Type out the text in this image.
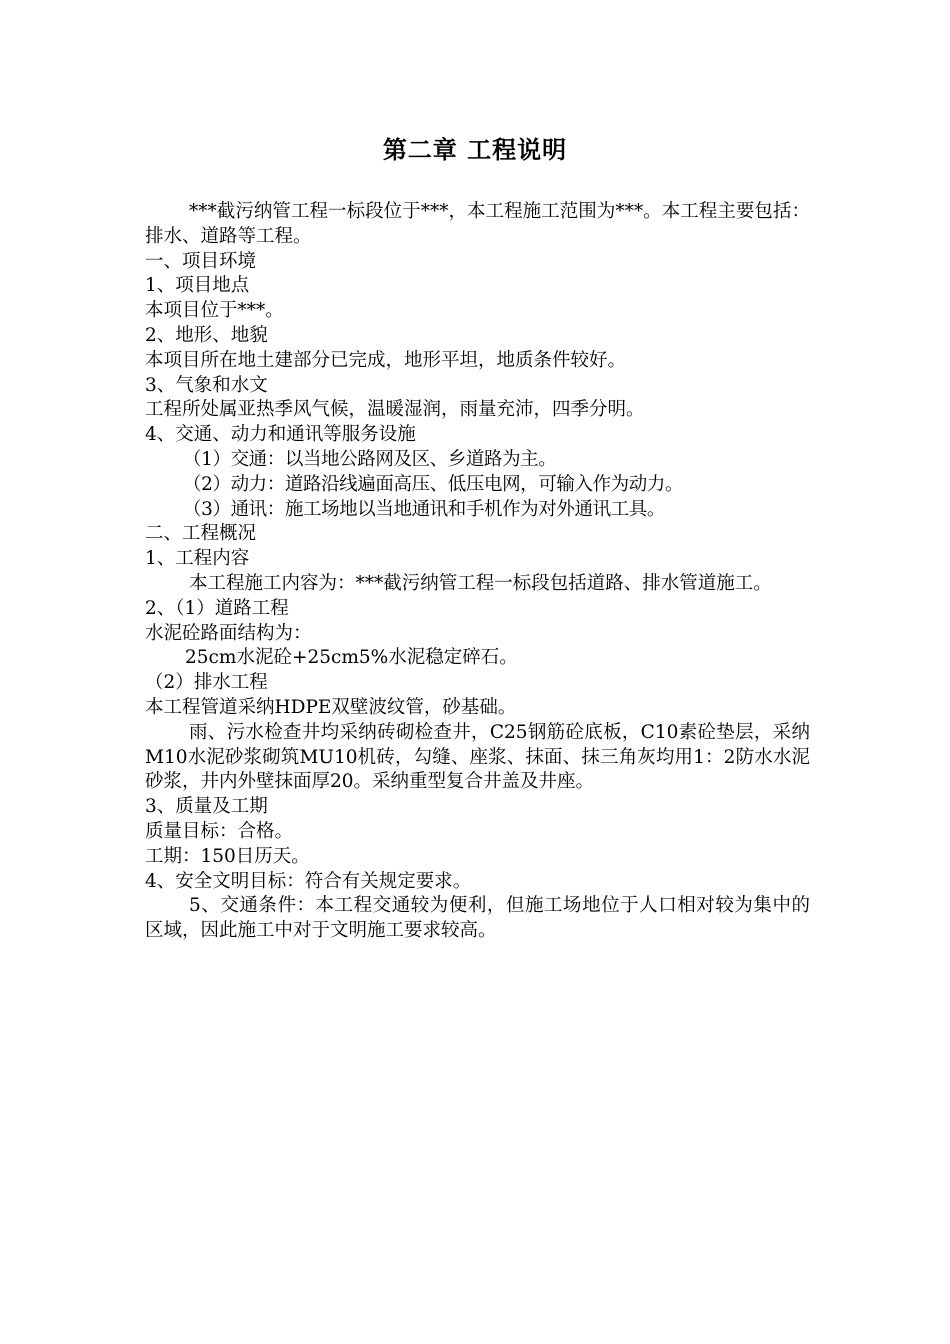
第二章 工程说明

***截污纳管工程一标段位于***，本工程施工范围为***。本工程主要包括：排水、道路等工程。

一、项目环境

1、项目地点

本项目位于***。

2、地形、地貌

本项目所在地土建部分已完成，地形平坦，地质条件较好。

3、气象和水文

工程所处属亚热季风气候，温暖湿润，雨量充沛，四季分明。

4、交通、动力和通讯等服务设施

（1）交通：以当地公路网及区、乡道路为主。

（2）动力：道路沿线遍面高压、低压电网，可输入作为动力。

（3）通讯：施工场地以当地通讯和手机作为对外通讯工具。

二、工程概况

1、工程内容

本工程施工内容为：***截污纳管工程一标段包括道路、排水管道施工。

2、（1）道路工程

水泥砼路面结构为：

25cm水泥砼+25cm5%水泥稳定碎石。

（2）排水工程

本工程管道采纳HDPE双壁波纹管，砂基础。

雨、污水检查井均采纳砖砌检查井，C25钢筋砼底板，C10素砼垫层，采纳M10水泥砂浆砌筑MU10机砖，勾缝、座浆、抹面、抹三角灰均用1：2防水水泥砂浆，井内外壁抹面厚20。采纳重型复合井盖及井座。

3、质量及工期

质量目标：合格。

工期：150日历天。

4、安全文明目标：符合有关规定要求。

5、交通条件：本工程交通较为便利，但施工场地位于人口相对较为集中的区域，因此施工中对于文明施工要求较高。
